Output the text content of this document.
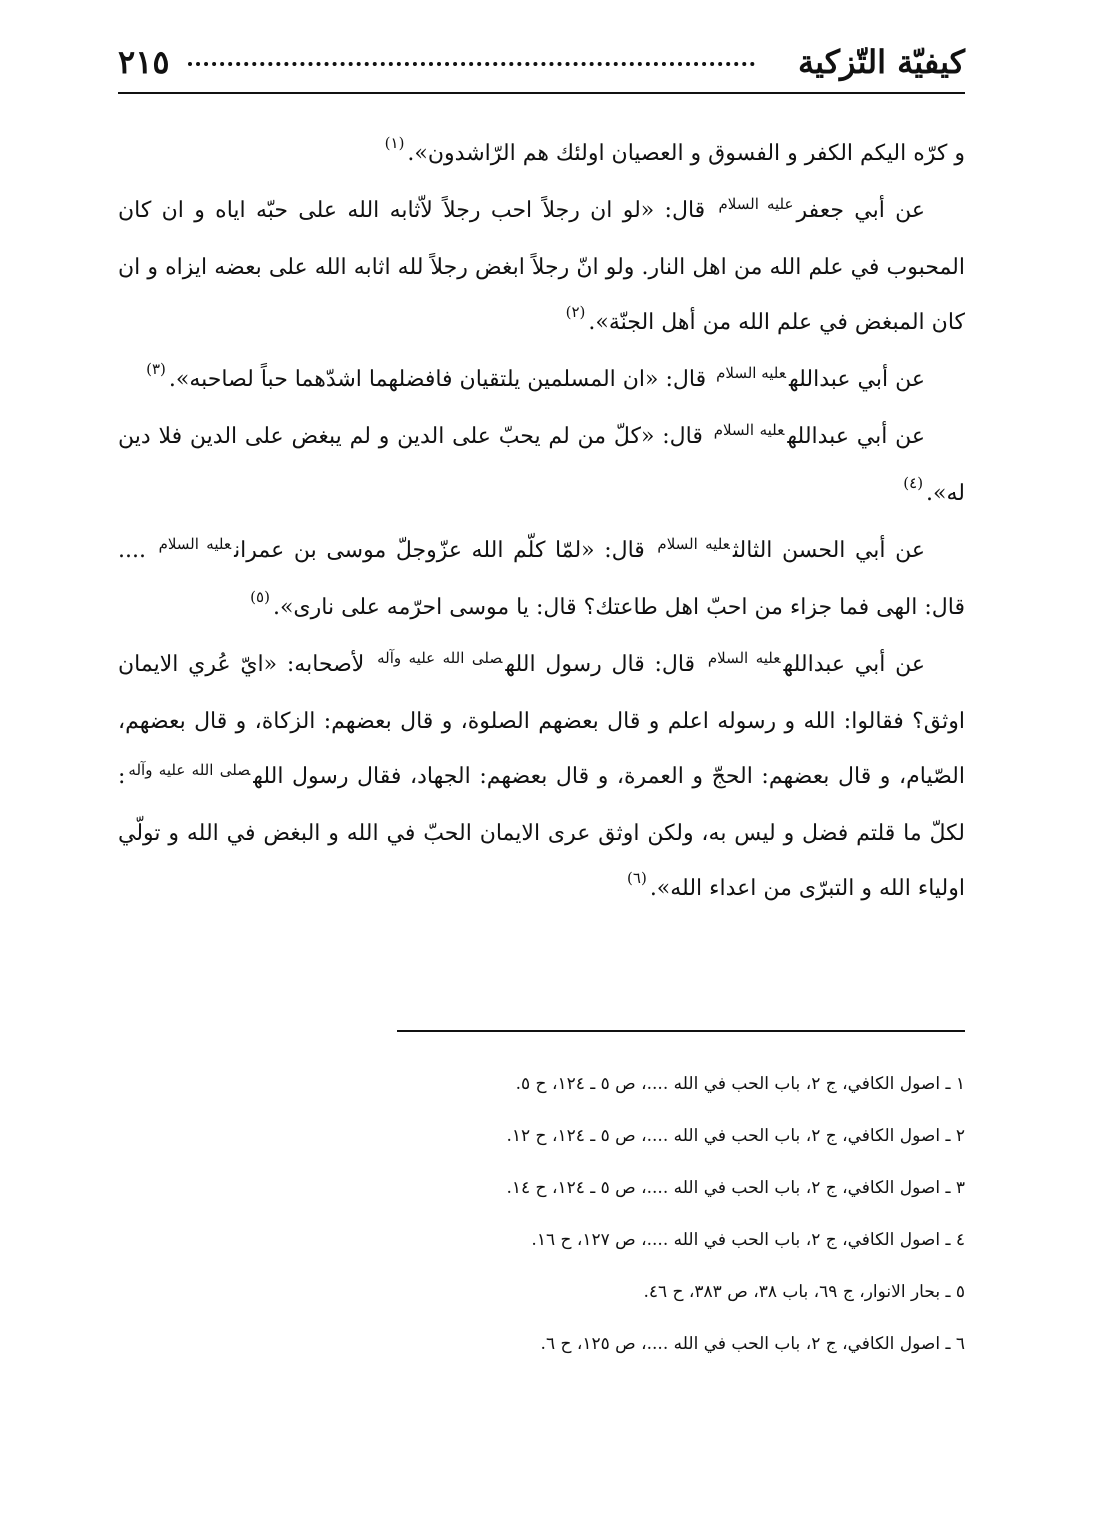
كيفيّة التّزكية
٢١٥

و كرّه اليكم الكفر و الفسوق و العصيان اولئك هم الرّاشدون».$^{(١)}$

عن أبي جعفر$^{عليه السلام}$ قال: «لو ان رجلاً احب رجلاً لاّثابه الله على حبّه اياه و ان كان المحبوب في علم الله من اهل النار. ولو انّ رجلاً ابغض رجلاً لله اثابه الله على بعضه ايزاه و ان كان المبغض في علم الله من أهل الجنّة».$^{(٢)}$

عن أبي عبدالله$^{عليه السلام}$ قال: «ان المسلمين يلتقيان فافضلهما اشدّهما حباً لصاحبه».$^{(٣)}$

عن أبي عبدالله$^{عليه السلام}$ قال: «كلّ من لم يحبّ على الدين و لم يبغض على الدين فلا دين له».$^{(٤)}$

عن أبي الحسن الثالث$^{عليه السلام}$ قال: «لمّا كلّم الله عزّوجلّ موسى بن عمران$^{عليه السلام}$ .... قال: الهى فما جزاء من احبّ اهل طاعتك؟ قال: يا موسى احرّمه على نارى».$^{(٥)}$

عن أبي عبدالله$^{عليه السلام}$ قال: قال رسول الله$^{صلى الله عليه وآله}$ لأصحابه: «ايّ عُري الايمان اوثق؟ فقالوا: الله و رسوله اعلم و قال بعضهم الصلوة، و قال بعضهم: الزكاة، و قال بعضهم، الصّيام، و قال بعضهم: الحجّ و العمرة، و قال بعضهم: الجهاد، فقال رسول الله$^{صلى الله عليه وآله}$: لكلّ ما قلتم فضل و ليس به، ولكن اوثق عرى الايمان الحبّ في الله و البغض في الله و تولّي اولياء الله و التبرّى من اعداء الله».$^{(٦)}$

١ ـ اصول الكافي، ج ٢، باب الحب في الله ....، ص ٥ ـ ١٢٤، ح ٥.
٢ ـ اصول الكافي، ج ٢، باب الحب في الله ....، ص ٥ ـ ١٢٤، ح ١٢.
٣ ـ اصول الكافي، ج ٢، باب الحب في الله ....، ص ٥ ـ ١٢٤، ح ١٤.
٤ ـ اصول الكافي، ج ٢، باب الحب في الله ....، ص ١٢٧، ح ١٦.
٥ ـ بحار الانوار، ج ٦٩، باب ٣٨، ص ٣٨٣، ح ٤٦.
٦ ـ اصول الكافي، ج ٢، باب الحب في الله ....، ص ١٢٥، ح ٦.
